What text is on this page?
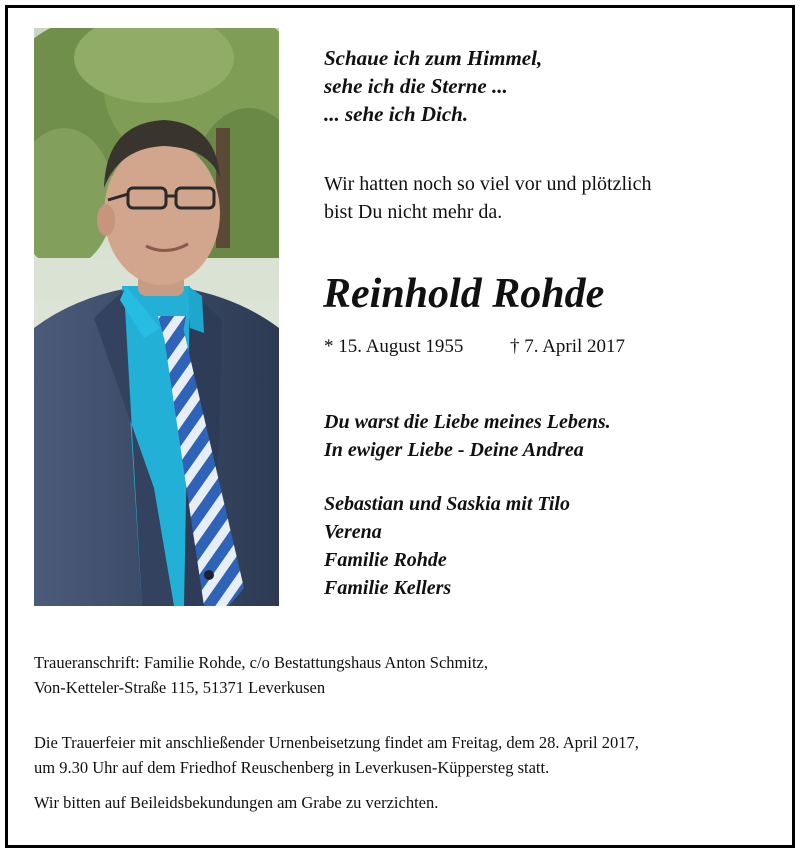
Schaue ich zum Himmel,
sehe ich die Sterne ...
... sehe ich Dich.
Wir hatten noch so viel vor und plötzlich
bist Du nicht mehr da.
Reinhold Rohde
* 15. August 1955 † 7. April 2017
Du warst die Liebe meines Lebens.
In ewiger Liebe - Deine Andrea
Sebastian und Saskia mit Tilo
Verena
Familie Rohde
Familie Kellers
Traueranschrift: Familie Rohde, c/o Bestattungshaus Anton Schmitz,
Von-Ketteler-Straße 115, 51371 Leverkusen
Die Trauerfeier mit anschließender Urnenbeisetzung findet am Freitag, dem 28. April 2017,
um 9.30 Uhr auf dem Friedhof Reuschenberg in Leverkusen-Küppersteg statt.
Wir bitten auf Beileidsbekundungen am Grabe zu verzichten.
